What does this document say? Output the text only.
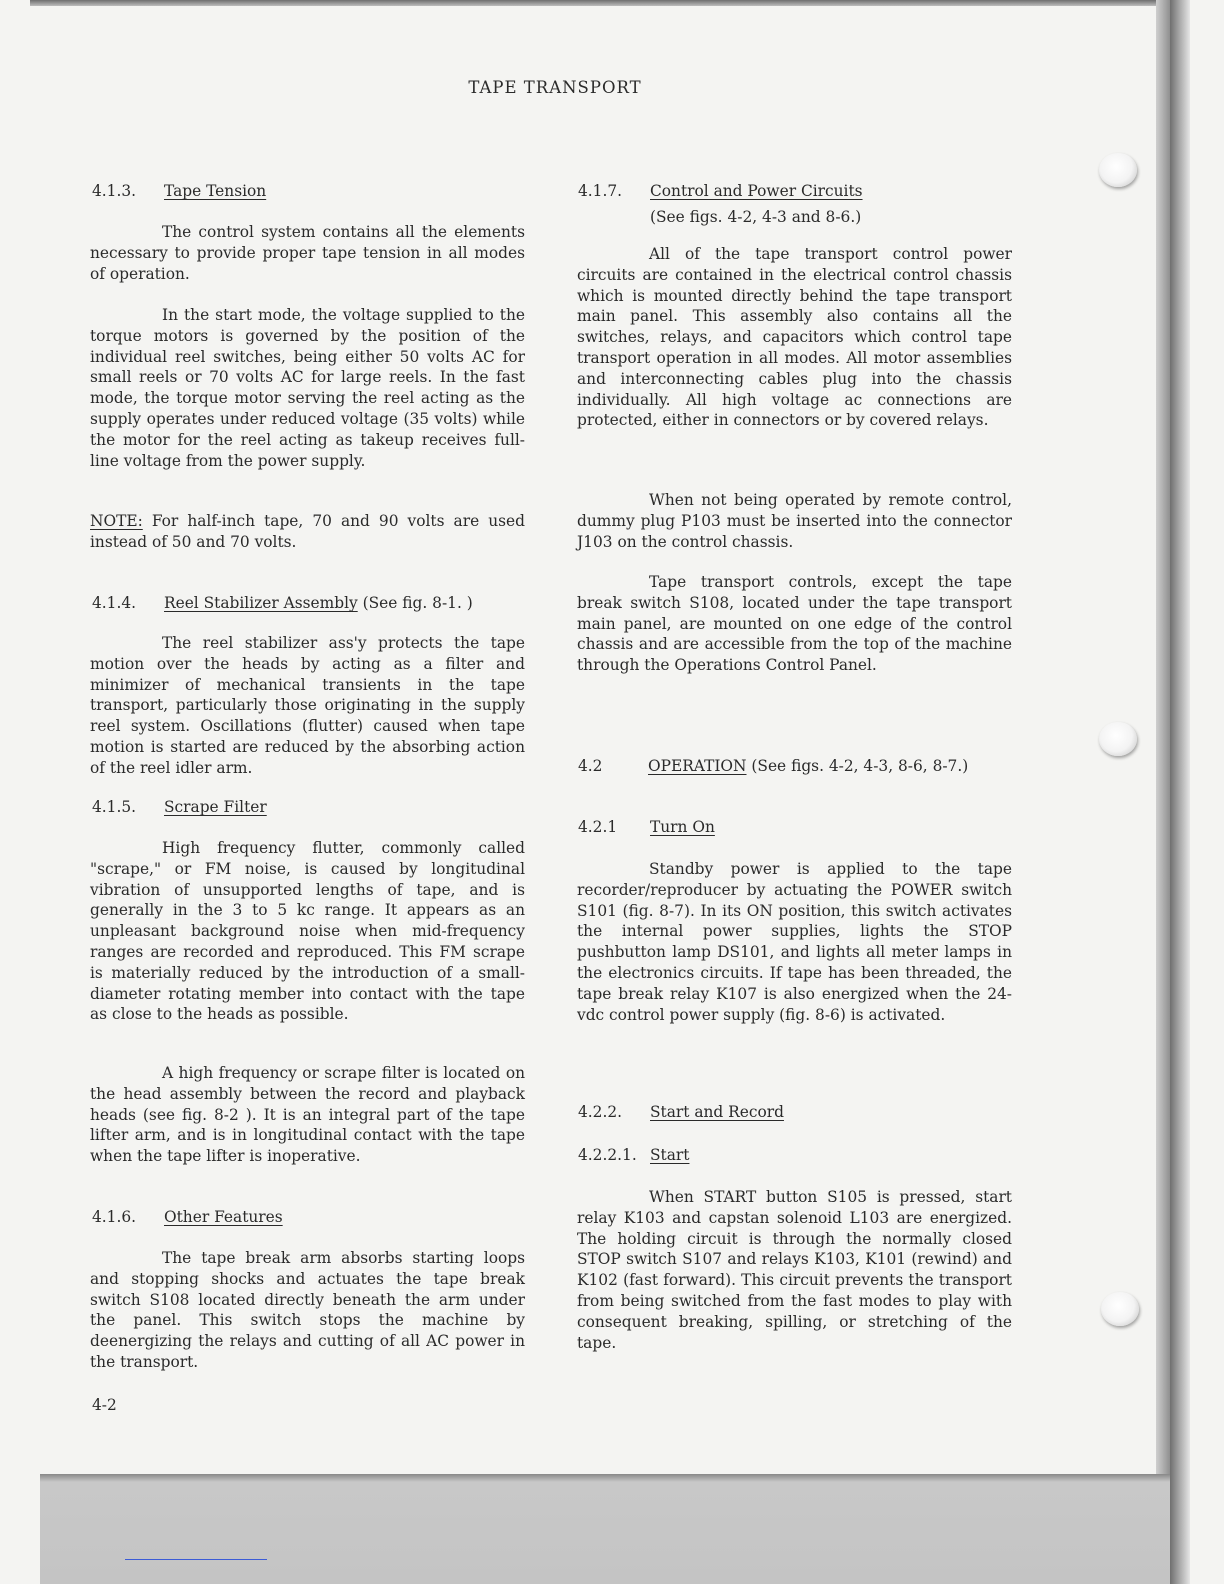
TAPE TRANSPORT
4.1.3. Tape Tension

The control system contains all the elements necessary to provide proper tape tension in all modes of operation.

In the start mode, the voltage supplied to the torque motors is governed by the position of the individual reel switches, being either 50 volts AC for small reels or 70 volts AC for large reels. In the fast mode, the torque motor serving the reel acting as the supply operates under reduced voltage (35 volts) while the motor for the reel acting as takeup receives full-line voltage from the power supply.

NOTE: For half-inch tape, 70 and 90 volts are used instead of 50 and 70 volts.

4.1.4. Reel Stabilizer Assembly (See fig. 8-1. )

The reel stabilizer ass'y protects the tape motion over the heads by acting as a filter and minimizer of mechanical transients in the tape transport, particularly those originating in the supply reel system. Oscillations (flutter) caused when tape motion is started are reduced by the absorbing action of the reel idler arm.

4.1.5. Scrape Filter

High frequency flutter, commonly called "scrape," or FM noise, is caused by longitudinal vibration of unsupported lengths of tape, and is generally in the 3 to 5 kc range. It appears as an unpleasant background noise when mid-frequency ranges are recorded and reproduced. This FM scrape is materially reduced by the introduction of a small-diameter rotating member into contact with the tape as close to the heads as possible.

A high frequency or scrape filter is located on the head assembly between the record and playback heads (see fig. 8-2 ). It is an integral part of the tape lifter arm, and is in longitudinal contact with the tape when the tape lifter is inoperative.

4.1.6. Other Features

The tape break arm absorbs starting loops and stopping shocks and actuates the tape break switch S108 located directly beneath the arm under the panel. This switch stops the machine by deenergizing the relays and cutting of all AC power in the transport.

4-2
4.1.7. Control and Power Circuits
(See figs. 4-2, 4-3 and 8-6.)

All of the tape transport control power circuits are contained in the electrical control chassis which is mounted directly behind the tape transport main panel. This assembly also contains all the switches, relays, and capacitors which control tape transport operation in all modes. All motor assemblies and interconnecting cables plug into the chassis individually. All high voltage ac connections are protected, either in connectors or by covered relays.

When not being operated by remote control, dummy plug P103 must be inserted into the connector J103 on the control chassis.

Tape transport controls, except the tape break switch S108, located under the tape transport main panel, are mounted on one edge of the control chassis and are accessible from the top of the machine through the Operations Control Panel.

4.2	OPERATION (See figs. 4-2, 4-3, 8-6, 8-7.)

4.2.1 Turn On

Standby power is applied to the tape recorder/reproducer by actuating the POWER switch S101 (fig. 8-7). In its ON position, this switch activates the internal power supplies, lights the STOP pushbutton lamp DS101, and lights all meter lamps in the electronics circuits. If tape has been threaded, the tape break relay K107 is also energized when the 24-vdc control power supply (fig. 8-6) is activated.

4.2.2. Start and Record
4.2.2.1. Start

When START button S105 is pressed, start relay K103 and capstan solenoid L103 are energized. The holding circuit is through the normally closed STOP switch S107 and relays K103, K101 (rewind) and K102 (fast forward). This circuit prevents the transport from being switched from the fast modes to play with consequent breaking, spilling, or stretching of the tape.
